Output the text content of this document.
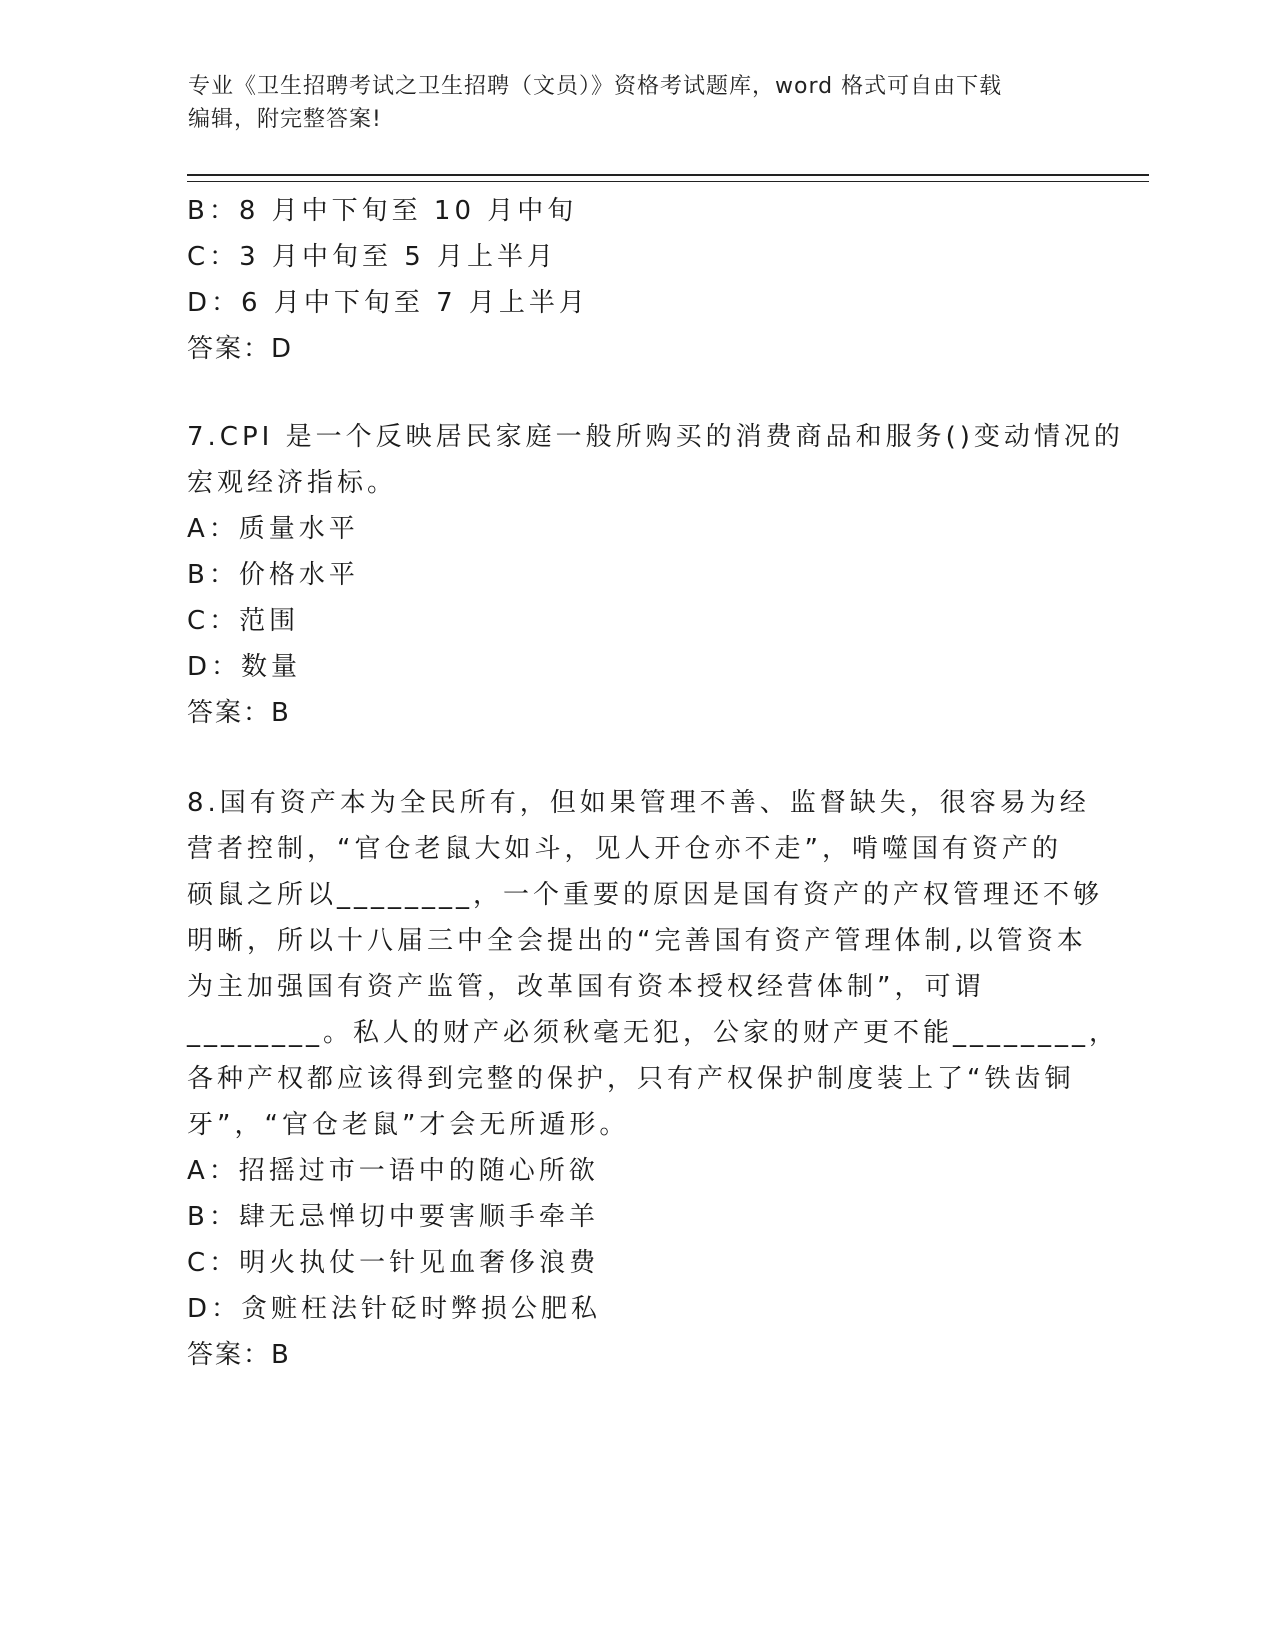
专业《卫生招聘考试之卫生招聘（文员）》资格考试题库，word 格式可自由下载
编辑，附完整答案!
B：8 月中下旬至 10 月中旬
C：3 月中旬至 5 月上半月
D：6 月中下旬至 7 月上半月
答案：D
7.CPI 是一个反映居民家庭一般所购买的消费商品和服务()变动情况的
宏观经济指标。
A：质量水平
B：价格水平
C：范围
D：数量
答案：B
8.国有资产本为全民所有，但如果管理不善、监督缺失，很容易为经
营者控制，“官仓老鼠大如斗，见人开仓亦不走”，啃噬国有资产的
硕鼠之所以________，一个重要的原因是国有资产的产权管理还不够
明晰，所以十八届三中全会提出的“完善国有资产管理体制,以管资本
为主加强国有资产监管，改革国有资本授权经营体制”，可谓
________。私人的财产必须秋毫无犯，公家的财产更不能________，
各种产权都应该得到完整的保护，只有产权保护制度装上了“铁齿铜
牙”，“官仓老鼠”才会无所遁形。
A：招摇过市一语中的随心所欲
B：肆无忌惮切中要害顺手牵羊
C：明火执仗一针见血奢侈浪费
D：贪赃枉法针砭时弊损公肥私
答案：B
